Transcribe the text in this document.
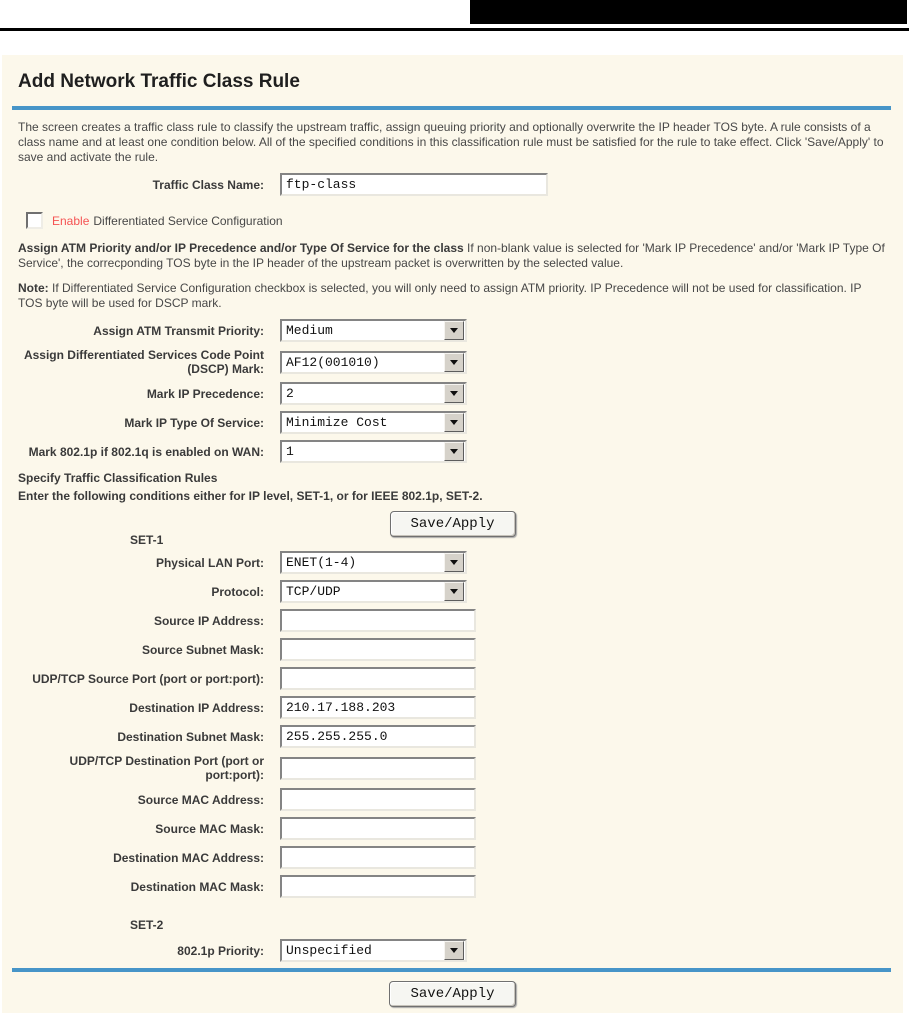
Add Network Traffic Class Rule

The screen creates a traffic class rule to classify the upstream traffic, assign queuing priority and optionally overwrite the IP header TOS byte. A rule consists of a class name and at least one condition below. All of the specified conditions in this classification rule must be satisfied for the rule to take effect. Click 'Save/Apply' to save and activate the rule.

Traffic Class Name:
ftp-class
Enable Differentiated Service Configuration

Assign ATM Priority and/or IP Precedence and/or Type Of Service for the class If non-blank value is selected for 'Mark IP Precedence' and/or 'Mark IP Type Of Service', the correcponding TOS byte in the IP header of the upstream packet is overwritten by the selected value.

Note: If Differentiated Service Configuration checkbox is selected, you will only need to assign ATM priority. IP Precedence will not be used for classification. IP TOS byte will be used for DSCP mark.

Assign ATM Transmit Priority:	Medium
Assign Differentiated Services Code Point (DSCP) Mark:	AF12(001010)
Mark IP Precedence:	2
Mark IP Type Of Service:	Minimize Cost
Mark 802.1p if 802.1q is enabled on WAN:	1

Specify Traffic Classification Rules

Enter the following conditions either for IP level, SET-1, or for IEEE 802.1p, SET-2.

Save/Apply
SET-1
Physical LAN Port:	ENET(1-4)
Protocol:	TCP/UDP
Source IP Address:
Source Subnet Mask:
UDP/TCP Source Port (port or port:port):
Destination IP Address:
210.17.188.203
Destination Subnet Mask:
255.255.255.0
UDP/TCP Destination Port (port or port:port):
Source MAC Address:
Source MAC Mask:
Destination MAC Address:
Destination MAC Mask:
SET-2
802.1p Priority:	Unspecified
Save/Apply
